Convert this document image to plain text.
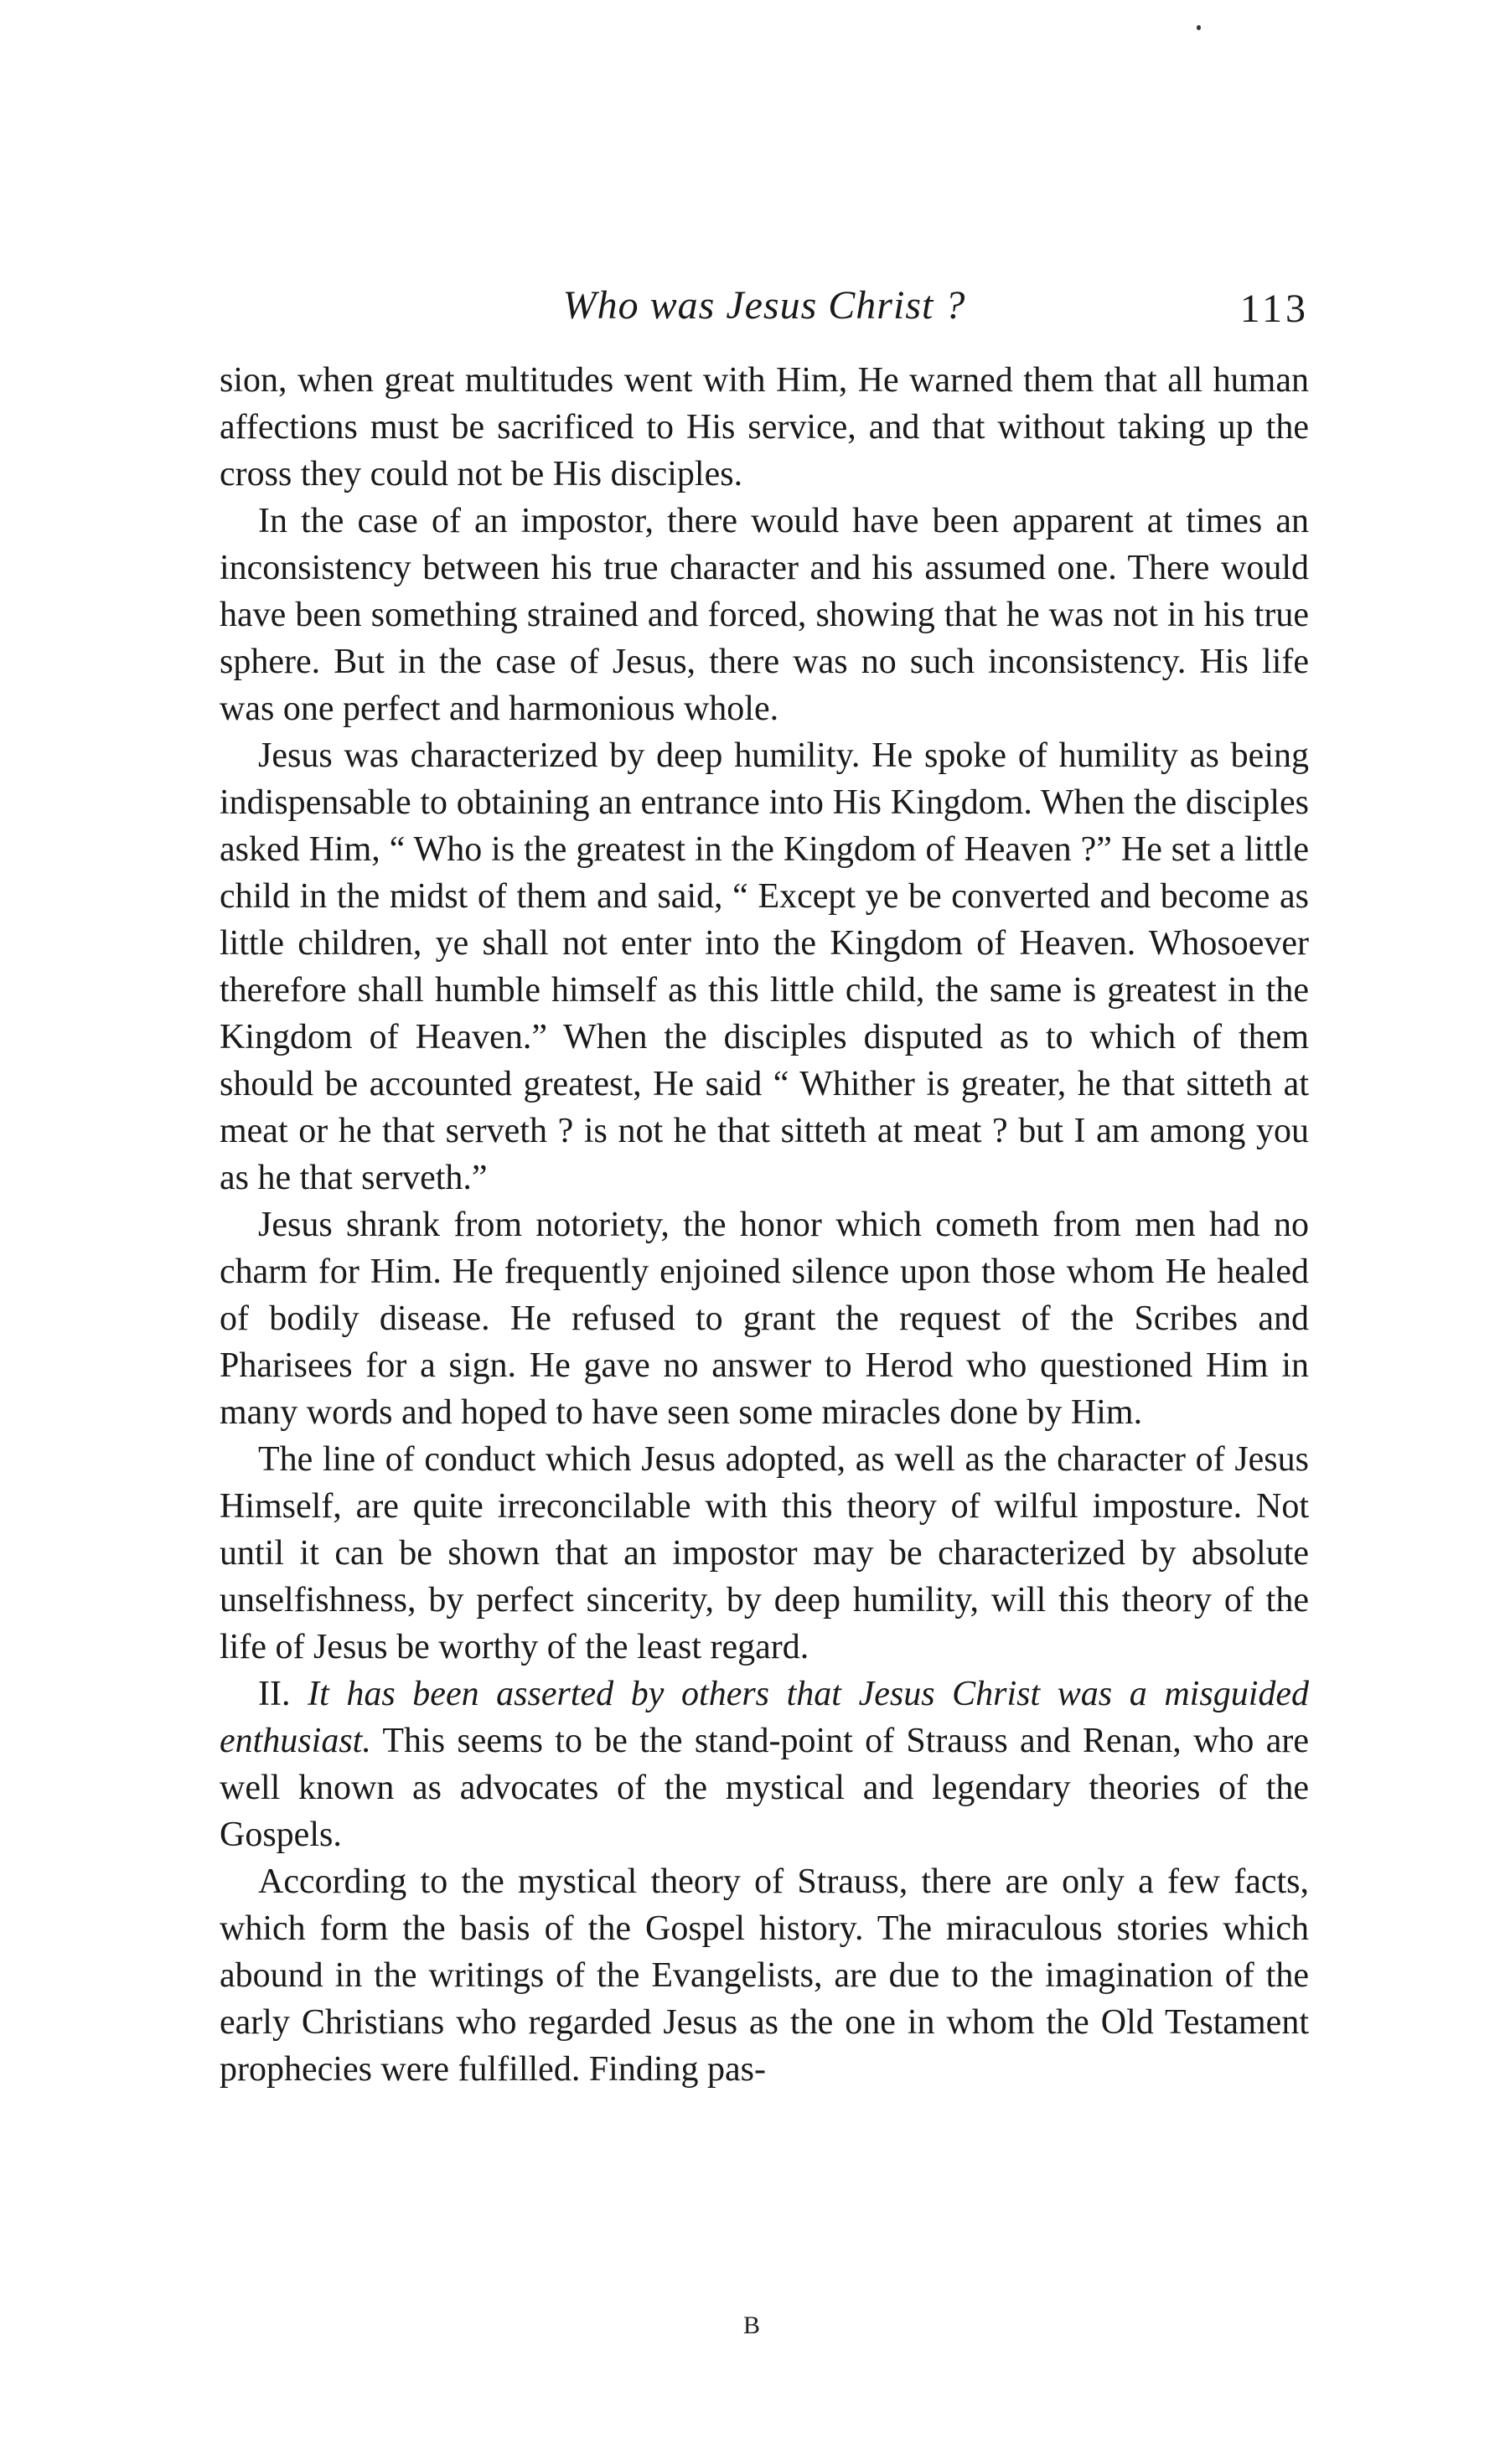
Who was Jesus Christ ?	113

sion, when great multitudes went with Him, He warned them that all human affections must be sacrificed to His service, and that without taking up the cross they could not be His disciples.

In the case of an impostor, there would have been apparent at times an inconsistency between his true character and his assumed one. There would have been something strained and forced, showing that he was not in his true sphere. But in the case of Jesus, there was no such inconsistency. His life was one perfect and harmonious whole.

Jesus was characterized by deep humility. He spoke of humility as being indispensable to obtaining an entrance into His Kingdom. When the disciples asked Him, “ Who is the greatest in the Kingdom of Heaven ?” He set a little child in the midst of them and said, “ Except ye be converted and become as little children, ye shall not enter into the Kingdom of Heaven. Whosoever therefore shall humble himself as this little child, the same is greatest in the Kingdom of Heaven.” When the disciples disputed as to which of them should be accounted greatest, He said “ Whither is greater, he that sitteth at meat or he that serveth ? is not he that sitteth at meat ? but I am among you as he that serveth.”

Jesus shrank from notoriety, the honor which cometh from men had no charm for Him. He frequently enjoined silence upon those whom He healed of bodily disease. He refused to grant the request of the Scribes and Pharisees for a sign. He gave no answer to Herod who questioned Him in many words and hoped to have seen some miracles done by Him.

The line of conduct which Jesus adopted, as well as the character of Jesus Himself, are quite irreconcilable with this theory of wilful imposture. Not until it can be shown that an impostor may be characterized by absolute unselfishness, by perfect sincerity, by deep humility, will this theory of the life of Jesus be worthy of the least regard.

II. It has been asserted by others that Jesus Christ was a misguided enthusiast. This seems to be the stand-point of Strauss and Renan, who are well known as advocates of the mystical and legendary theories of the Gospels.

According to the mystical theory of Strauss, there are only a few facts, which form the basis of the Gospel history. The miraculous stories which abound in the writings of the Evangelists, are due to the imagination of the early Christians who regarded Jesus as the one in whom the Old Testament prophecies were fulfilled. Finding pas-

B
